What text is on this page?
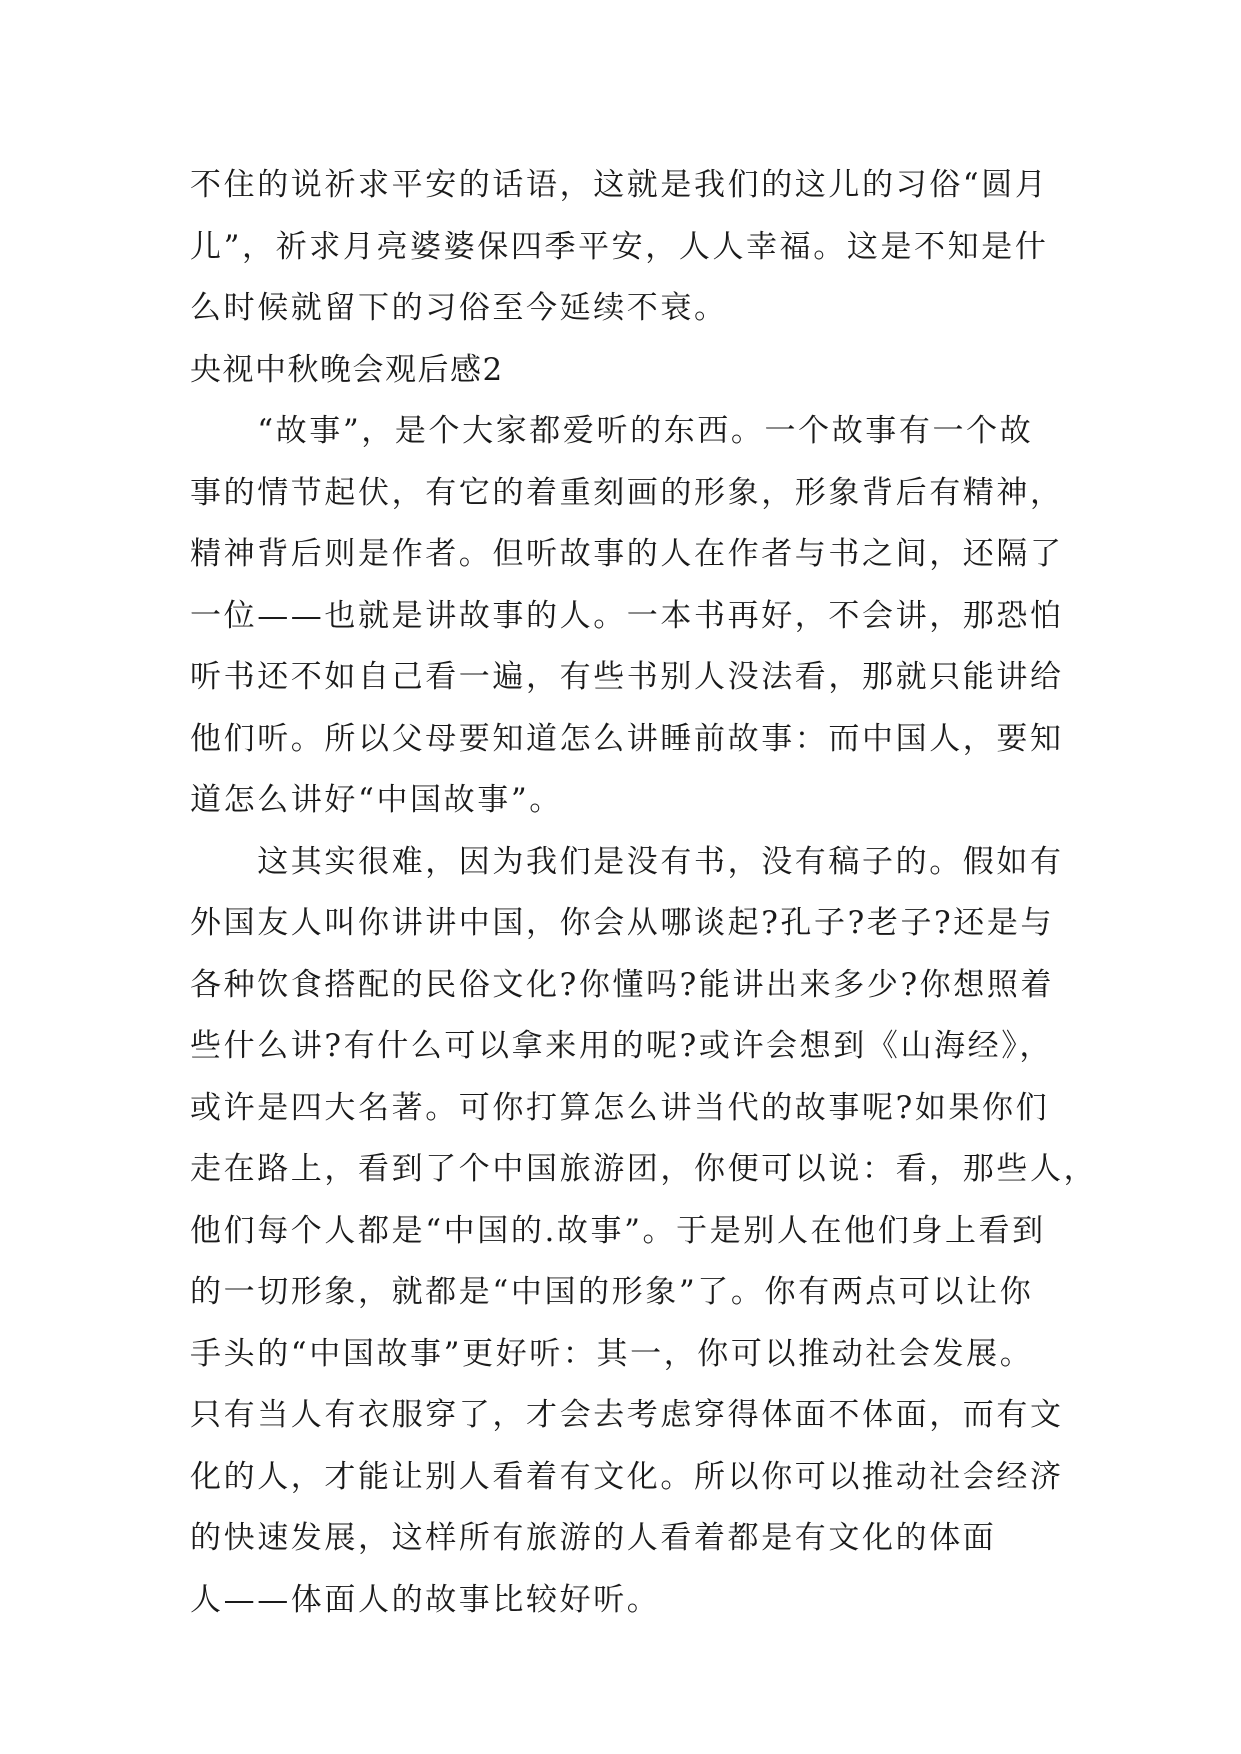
不住的说祈求平安的话语，这就是我们的这儿的习俗“圆月
儿”，祈求月亮婆婆保四季平安，人人幸福。这是不知是什
么时候就留下的习俗至今延续不衰。
央视中秋晚会观后感2
　　“故事”，是个大家都爱听的东西。一个故事有一个故
事的情节起伏，有它的着重刻画的形象，形象背后有精神，
精神背后则是作者。但听故事的人在作者与书之间，还隔了
一位——也就是讲故事的人。一本书再好，不会讲，那恐怕
听书还不如自己看一遍，有些书别人没法看，那就只能讲给
他们听。所以父母要知道怎么讲睡前故事：而中国人，要知
道怎么讲好“中国故事”。
　　这其实很难，因为我们是没有书，没有稿子的。假如有
外国友人叫你讲讲中国，你会从哪谈起?孔子?老子?还是与
各种饮食搭配的民俗文化?你懂吗?能讲出来多少?你想照着
些什么讲?有什么可以拿来用的呢?或许会想到《山海经》，
或许是四大名著。可你打算怎么讲当代的故事呢?如果你们
走在路上，看到了个中国旅游团，你便可以说：看，那些人，
他们每个人都是“中国的.故事”。于是别人在他们身上看到
的一切形象，就都是“中国的形象”了。你有两点可以让你
手头的“中国故事”更好听：其一，你可以推动社会发展。
只有当人有衣服穿了，才会去考虑穿得体面不体面，而有文
化的人，才能让别人看着有文化。所以你可以推动社会经济
的快速发展，这样所有旅游的人看着都是有文化的体面
人——体面人的故事比较好听。
